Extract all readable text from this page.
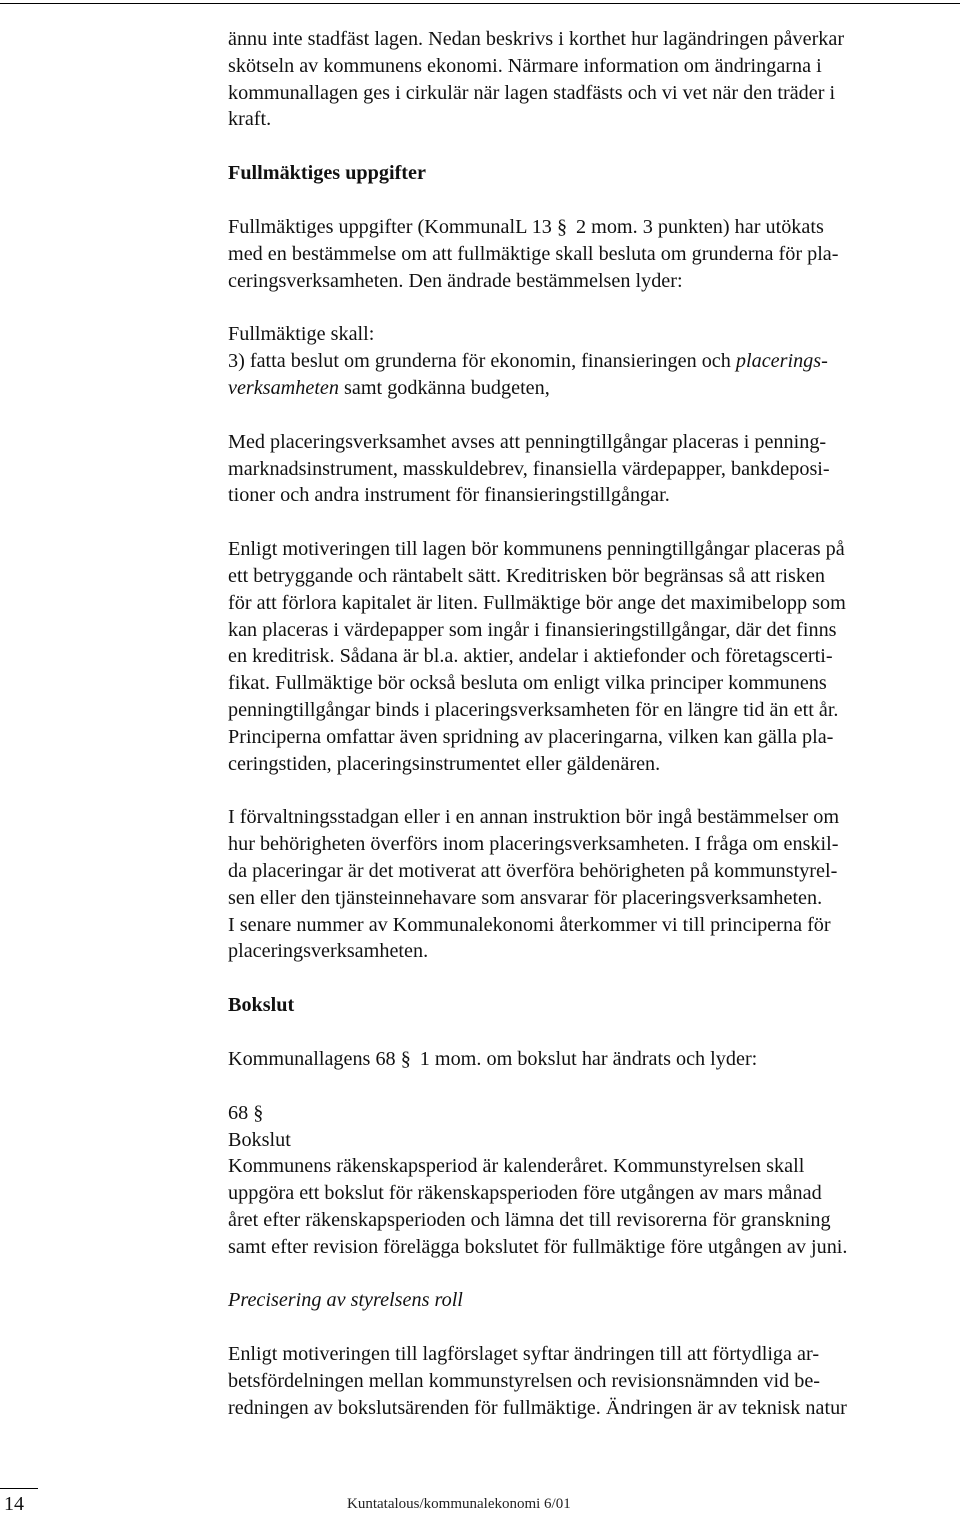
ännu inte stadfäst lagen. Nedan beskrivs i korthet hur lagändringen påverkar
skötseln av kommunens ekonomi. Närmare information om ändringarna i
kommunallagen ges i cirkulär när lagen stadfästs och vi vet när den träder i
kraft.

Fullmäktiges uppgifter

Fullmäktiges uppgifter (KommunalL 13 § 2 mom. 3 punkten) har utökats
med en bestämmelse om att fullmäktige skall besluta om grunderna för pla-
ceringsverksamheten. Den ändrade bestämmelsen lyder:

Fullmäktige skall:
3) fatta beslut om grunderna för ekonomin, finansieringen och placerings-
verksamheten samt godkänna budgeten,

Med placeringsverksamhet avses att penningtillgångar placeras i penning-
marknadsinstrument, masskuldebrev, finansiella värdepapper, bankdeposi-
tioner och andra instrument för finansieringstillgångar.

Enligt motiveringen till lagen bör kommunens penningtillgångar placeras på
ett betryggande och räntabelt sätt. Kreditrisken bör begränsas så att risken
för att förlora kapitalet är liten. Fullmäktige bör ange det maximibelopp som
kan placeras i värdepapper som ingår i finansieringstillgångar, där det finns
en kreditrisk. Sådana är bl.a. aktier, andelar i aktiefonder och företagscerti-
fikat. Fullmäktige bör också besluta om enligt vilka principer kommunens
penningtillgångar binds i placeringsverksamheten för en längre tid än ett år.
Principerna omfattar även spridning av placeringarna, vilken kan gälla pla-
ceringstiden, placeringsinstrumentet eller gäldenären.

I förvaltningsstadgan eller i en annan instruktion bör ingå bestämmelser om
hur behörigheten överförs inom placeringsverksamheten. I fråga om enskil-
da placeringar är det motiverat att överföra behörigheten på kommunstyrel-
sen eller den tjänsteinnehavare som ansvarar för placeringsverksamheten.
I senare nummer av Kommunalekonomi återkommer vi till principerna för
placeringsverksamheten.

Bokslut

Kommunallagens 68 § 1 mom. om bokslut har ändrats och lyder:

68 §
Bokslut
Kommunens räkenskapsperiod är kalenderåret. Kommunstyrelsen skall
uppgöra ett bokslut för räkenskapsperioden före utgången av mars månad
året efter räkenskapsperioden och lämna det till revisorerna för granskning
samt efter revision förelägga bokslutet för fullmäktige före utgången av juni.

Precisering av styrelsens roll

Enligt motiveringen till lagförslaget syftar ändringen till att förtydliga ar-
betsfördelningen mellan kommunstyrelsen och revisionsnämnden vid be-
redningen av bokslutsärenden för fullmäktige. Ändringen är av teknisk natur

14	Kuntatalous/kommunalekonomi 6/01
